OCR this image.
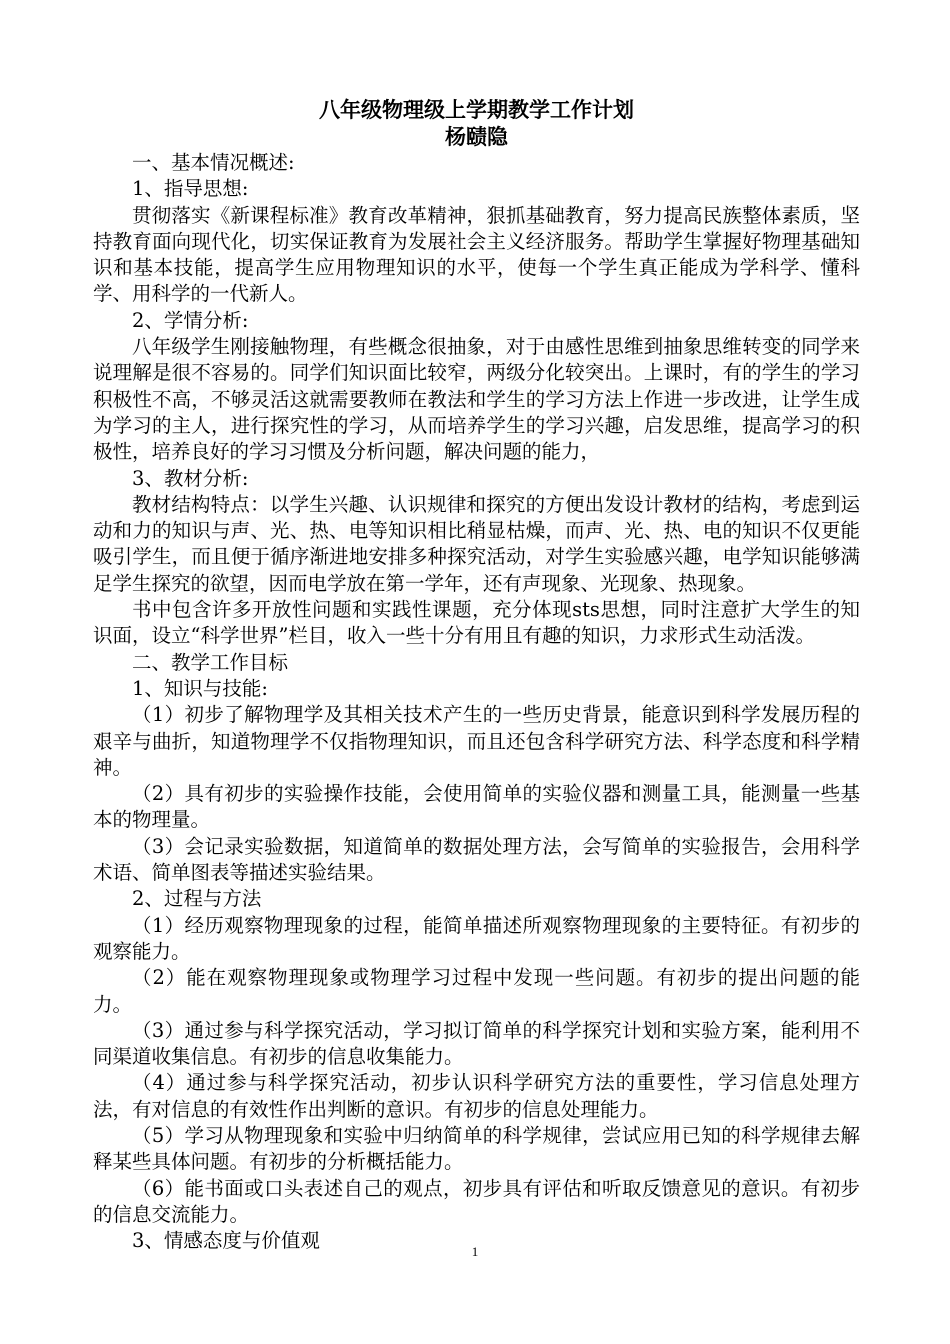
八年级物理级上学期教学工作计划
杨赜隐

一、基本情况概述:

1、指导思想:

贯彻落实《新课程标准》教育改革精神，狠抓基础教育，努力提高民族整体素质，坚持教育面向现代化，切实保证教育为发展社会主义经济服务。帮助学生掌握好物理基础知识和基本技能，提高学生应用物理知识的水平，使每一个学生真正能成为学科学、懂科学、用科学的一代新人。

2、学情分析:

八年级学生刚接触物理，有些概念很抽象，对于由感性思维到抽象思维转变的同学来说理解是很不容易的。同学们知识面比较窄，两级分化较突出。上课时，有的学生的学习积极性不高，不够灵活这就需要教师在教法和学生的学习方法上作进一步改进，让学生成为学习的主人，进行探究性的学习，从而培养学生的学习兴趣，启发思维，提高学习的积极性，培养良好的学习习惯及分析问题，解决问题的能力，

3、教材分析:

教材结构特点：以学生兴趣、认识规律和探究的方便出发设计教材的结构，考虑到运动和力的知识与声、光、热、电等知识相比稍显枯燥，而声、光、热、电的知识不仅更能吸引学生，而且便于循序渐进地安排多种探究活动，对学生实验感兴趣，电学知识能够满足学生探究的欲望，因而电学放在第一学年，还有声现象、光现象、热现象。

书中包含许多开放性问题和实践性课题，充分体现sts思想，同时注意扩大学生的知识面，设立“科学世界”栏目，收入一些十分有用且有趣的知识，力求形式生动活泼。

二、教学工作目标

1、知识与技能:

（1）初步了解物理学及其相关技术产生的一些历史背景，能意识到科学发展历程的艰辛与曲折，知道物理学不仅指物理知识，而且还包含科学研究方法、科学态度和科学精神。

（2）具有初步的实验操作技能，会使用简单的实验仪器和测量工具，能测量一些基本的物理量。

（3）会记录实验数据，知道简单的数据处理方法，会写简单的实验报告，会用科学术语、简单图表等描述实验结果。

2、过程与方法

（1）经历观察物理现象的过程，能简单描述所观察物理现象的主要特征。有初步的观察能力。

（2）能在观察物理现象或物理学习过程中发现一些问题。有初步的提出问题的能力。

（3）通过参与科学探究活动，学习拟订简单的科学探究计划和实验方案，能利用不同渠道收集信息。有初步的信息收集能力。

（4）通过参与科学探究活动，初步认识科学研究方法的重要性，学习信息处理方法，有对信息的有效性作出判断的意识。有初步的信息处理能力。

（5）学习从物理现象和实验中归纳简单的科学规律，尝试应用已知的科学规律去解释某些具体问题。有初步的分析概括能力。

（6）能书面或口头表述自己的观点，初步具有评估和听取反馈意见的意识。有初步的信息交流能力。

3、情感态度与价值观	1
